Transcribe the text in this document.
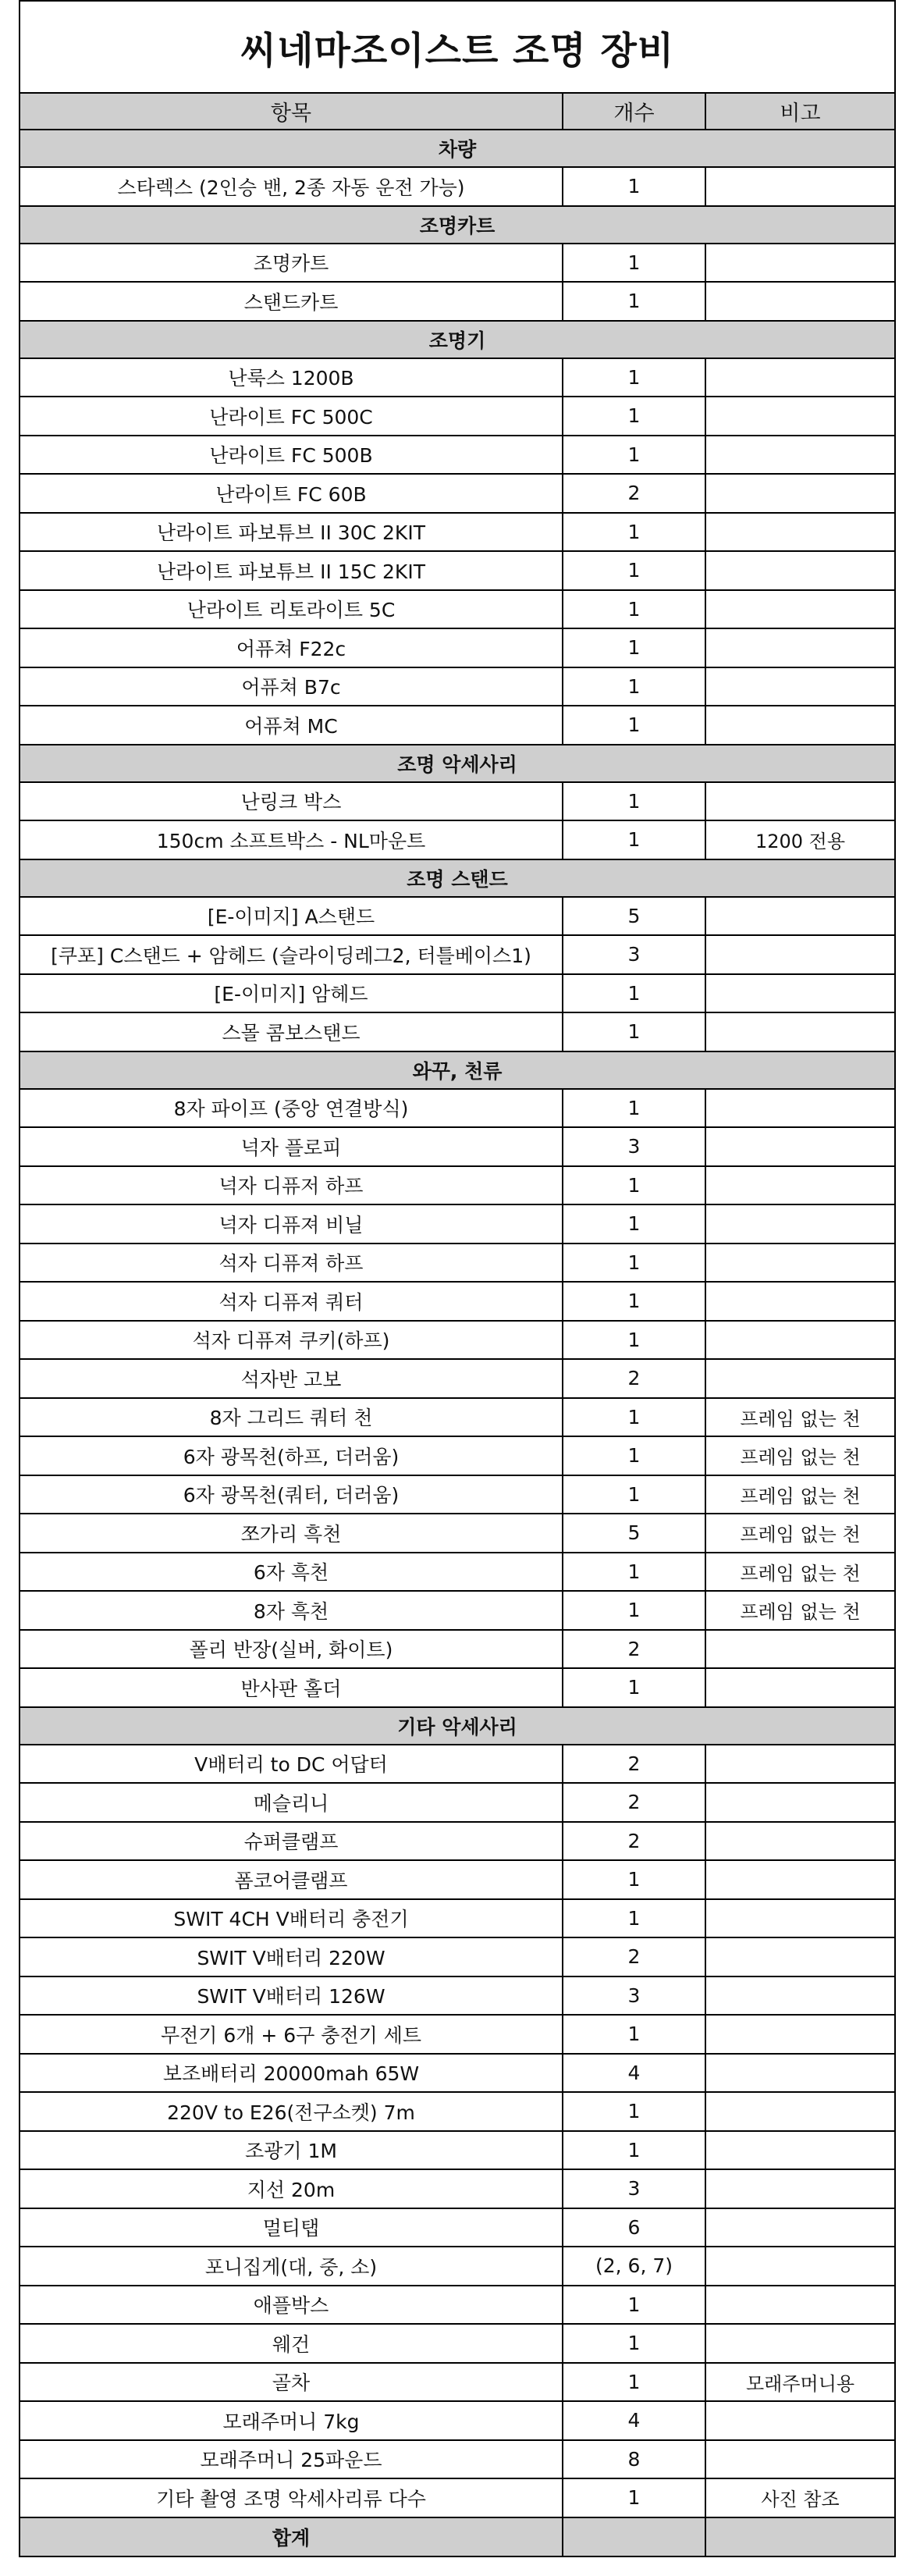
씨네마조이스트 조명 장비		
항목	개수	비고
차량		
스타렉스 (2인승 밴, 2종 자동 운전 가능)	1	
조명카트		
조명카트	1	
스탠드카트	1	
조명기		
난룩스 1200B	1	
난라이트 FC 500C	1	
난라이트 FC 500B	1	
난라이트 FC 60B	2	
난라이트 파보튜브 II 30C 2KIT	1	
난라이트 파보튜브 II 15C 2KIT	1	
난라이트 리토라이트 5C	1	
어퓨쳐 F22c	1	
어퓨쳐 B7c	1	
어퓨쳐 MC	1	
조명 악세사리		
난링크 박스	1	
150cm 소프트박스 - NL마운트	1	1200 전용
조명 스탠드		
[E-이미지] A스탠드	5	
[쿠포] C스탠드 + 암헤드 (슬라이딩레그2, 터틀베이스1)	3	
[E-이미지] 암헤드	1	
스몰 콤보스탠드	1	
와꾸, 천류		
8자 파이프 (중앙 연결방식)	1	
넉자 플로피	3	
넉자 디퓨저 하프	1	
넉자 디퓨져 비닐	1	
석자 디퓨져 하프	1	
석자 디퓨져 쿼터	1	
석자 디퓨져 쿠키(하프)	1	
석자반 고보	2	
8자 그리드 쿼터 천	1	프레임 없는 천
6자 광목천(하프, 더러움)	1	프레임 없는 천
6자 광목천(쿼터, 더러움)	1	프레임 없는 천
쪼가리 흑천	5	프레임 없는 천
6자 흑천	1	프레임 없는 천
8자 흑천	1	프레임 없는 천
폴리 반장(실버, 화이트)	2	
반사판 홀더	1	
기타 악세사리		
V배터리 to DC 어답터	2	
메슬리니	2	
슈퍼클램프	2	
폼코어클램프	1	
SWIT 4CH V배터리 충전기	1	
SWIT V배터리 220W	2	
SWIT V배터리 126W	3	
무전기 6개 + 6구 충전기 세트	1	
보조배터리 20000mah 65W	4	
220V to E26(전구소켓) 7m	1	
조광기 1M	1	
지선 20m	3	
멀티탭	6	
포니집게(대, 중, 소)	(2, 6, 7)	
애플박스	1	
웨건	1	
골차	1	모래주머니용
모래주머니 7kg	4	
모래주머니 25파운드	8	
기타 촬영 조명 악세사리류 다수	1	사진 참조
합계		
